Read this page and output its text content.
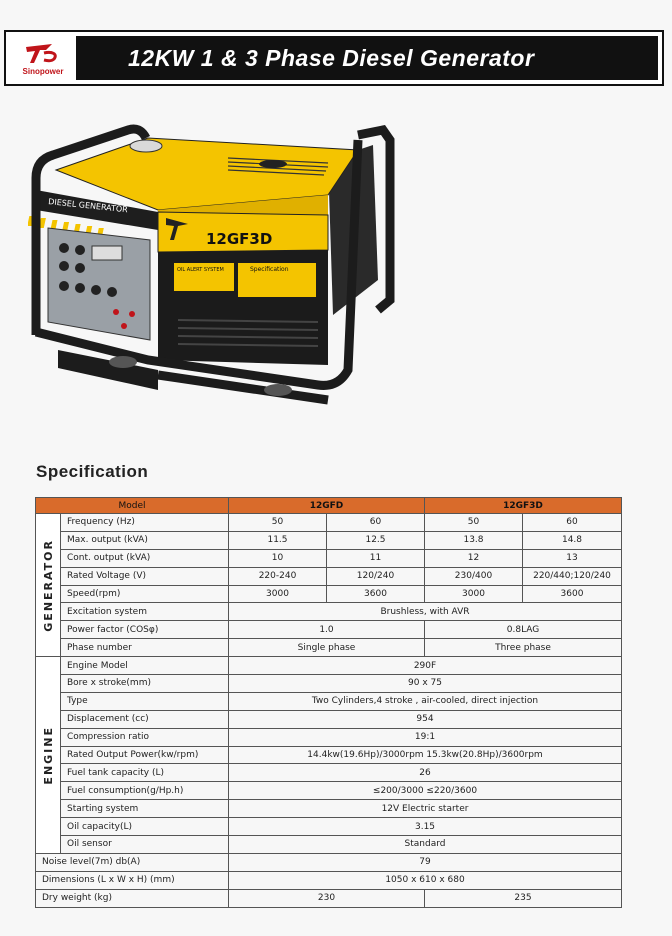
Sinopower
12KW 1 & 3 Phase Diesel Generator
DIESEL GENERATOR
12GF3D
OIL ALERT SYSTEM	Specification
Specification
Model		12GFD		12GF3D	

GENERATOR	Frequency (Hz)	50	60	50	60
	Max. output (kVA)	11.5	12.5	13.8	14.8
	Cont. output (kVA)	10	11	12	13
	Rated Voltage (V)	220-240	120/240	230/400	220/440;120/240
	Speed(rpm)	3000	3600	3000	3600
	Excitation system	Brushless, with AVR			
	Power factor (COSφ)	1.0		0.8LAG	
	Phase number	Single phase		Three phase	

ENGINE	Engine Model	290F			
	Bore x stroke(mm)	90 x 75			
	Type	Two Cylinders,4 stroke , air-cooled, direct injection			
	Displacement (cc)	954			
	Compression ratio	19:1			
	Rated Output Power(kw/rpm)	14.4kw(19.6Hp)/3000rpm 15.3kw(20.8Hp)/3600rpm			
	Fuel tank capacity (L)	26			
	Fuel consumption(g/Hp.h)	≤200/3000 ≤220/3600			
	Starting system	12V Electric starter			
	Oil capacity(L)	3.15			
	Oil sensor	Standard			
Noise level(7m) db(A)		79			
Dimensions (L x W x H) (mm)		1050 x 610 x 680			
Dry weight (kg)		230		235	
